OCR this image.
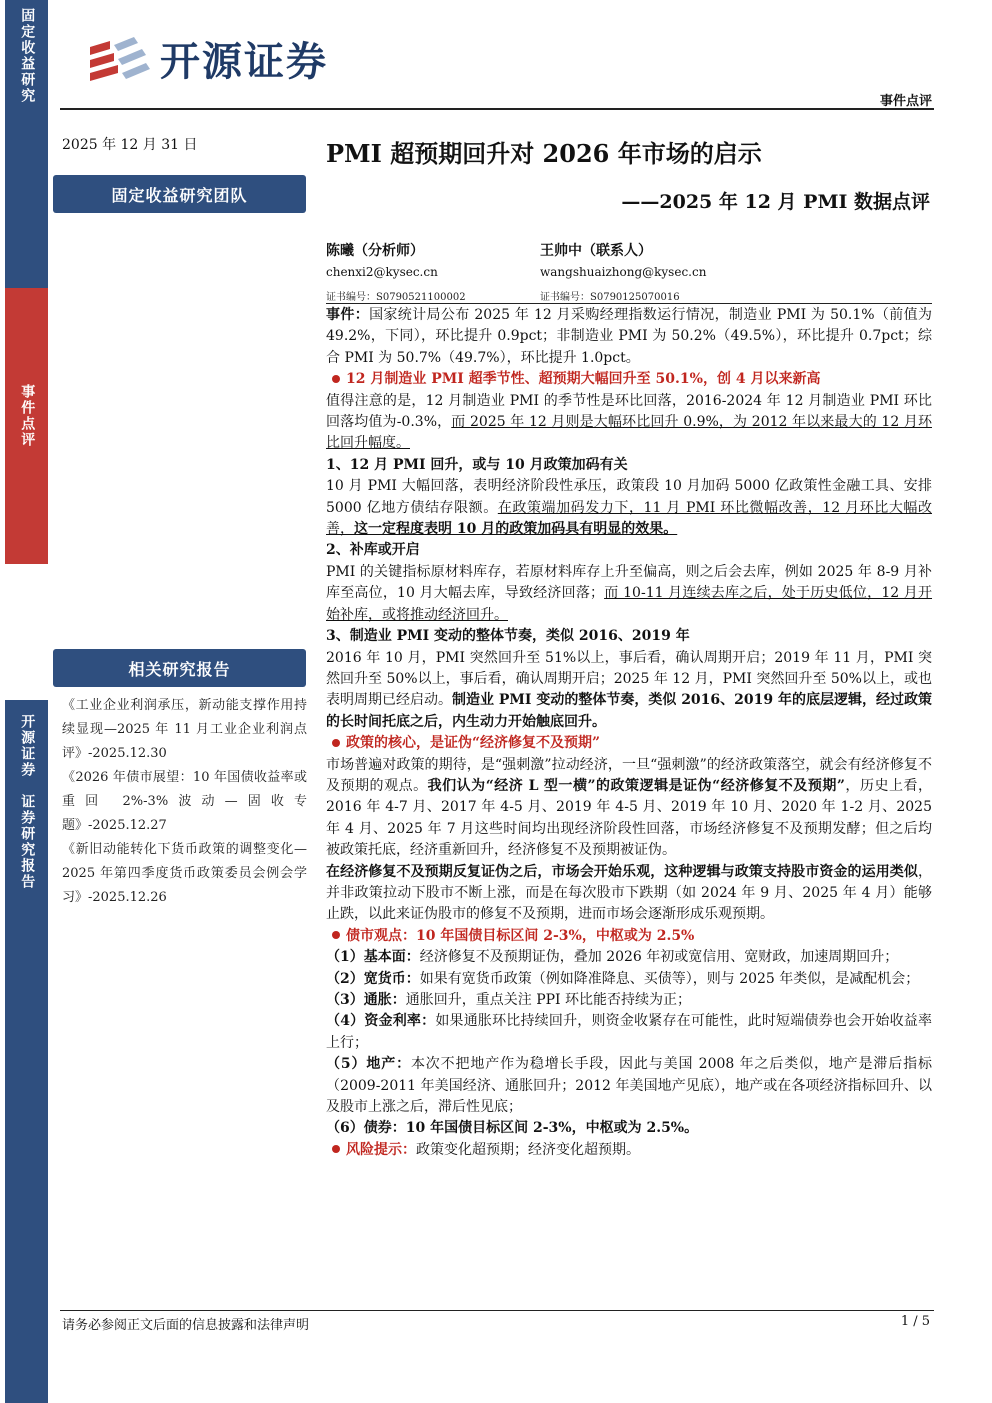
固定收益研究
事件点评
开源证券　证券研究报告
开源证券
事件点评
2025 年 12 月 31 日
固定收益研究团队
相关研究报告

《工业企业利润承压，新动能支撑作用持续显现—2025 年 11 月工业企业利润点评》-2025.12.30

《2026 年债市展望：10 年国债收益率或重回 2%-3%波动—固收专题》-2025.12.27

《新旧动能转化下货币政策的调整变化—2025 年第四季度货币政策委员会例会学习》-2025.12.26

PMI 超预期回升对 2026 年市场的启示
——2025 年 12 月 PMI 数据点评
陈曦（分析师）
chenxi2@kysec.cn
证书编号：S0790521100002
王帅中（联系人）
wangshuaizhong@kysec.cn
证书编号：S0790125070016

事件：国家统计局公布 2025 年 12 月采购经理指数运行情况，制造业 PMI 为 50.1%（前值为 49.2%，下同），环比提升 0.9pct；非制造业 PMI 为 50.2%（49.5%），环比提升 0.7pct；综合 PMI 为 50.7%（49.7%），环比提升 1.0pct。

12 月制造业 PMI 超季节性、超预期大幅回升至 50.1%，创 4 月以来新高

值得注意的是，12 月制造业 PMI 的季节性是环比回落，2016-2024 年 12 月制造业 PMI 环比回落均值为-0.3%，而 2025 年 12 月则是大幅环比回升 0.9%，为 2012 年以来最大的 12 月环比回升幅度。

1、12 月 PMI 回升，或与 10 月政策加码有关

10 月 PMI 大幅回落，表明经济阶段性承压，政策段 10 月加码 5000 亿政策性金融工具、安排 5000 亿地方债结存限额。在政策端加码发力下，11 月 PMI 环比微幅改善，12 月环比大幅改善，这一定程度表明 10 月的政策加码具有明显的效果。

2、补库或开启

PMI 的关键指标原材料库存，若原材料库存上升至偏高，则之后会去库，例如 2025 年 8-9 月补库至高位，10 月大幅去库，导致经济回落；而 10-11 月连续去库之后，处于历史低位，12 月开始补库，或将推动经济回升。

3、制造业 PMI 变动的整体节奏，类似 2016、2019 年

2016 年 10 月，PMI 突然回升至 51%以上，事后看，确认周期开启；2019 年 11 月，PMI 突然回升至 50%以上，事后看，确认周期开启；2025 年 12 月，PMI 突然回升至 50%以上，或也表明周期已经启动。制造业 PMI 变动的整体节奏，类似 2016、2019 年的底层逻辑，经过政策的长时间托底之后，内生动力开始触底回升。

政策的核心，是证伪“经济修复不及预期”

市场普遍对政策的期待，是“强刺激”拉动经济，一旦“强刺激”的经济政策落空，就会有经济修复不及预期的观点。我们认为“经济 L 型一横”的政策逻辑是证伪“经济修复不及预期”，历史上看，2016 年 4-7 月、2017 年 4-5 月、2019 年 4-5 月、2019 年 10 月、2020 年 1-2 月、2025 年 4 月、2025 年 7 月这些时间均出现经济阶段性回落，市场经济修复不及预期发酵；但之后均被政策托底，经济重新回升，经济修复不及预期被证伪。

在经济修复不及预期反复证伪之后，市场会开始乐观，这种逻辑与政策支持股市资金的运用类似，并非政策拉动下股市不断上涨，而是在每次股市下跌期（如 2024 年 9 月、2025 年 4 月）能够止跌，以此来证伪股市的修复不及预期，进而市场会逐渐形成乐观预期。

债市观点：10 年国债目标区间 2-3%，中枢或为 2.5%

（1）基本面：经济修复不及预期证伪，叠加 2026 年初或宽信用、宽财政，加速周期回升；

（2）宽货币：如果有宽货币政策（例如降准降息、买债等），则与 2025 年类似，是减配机会；

（3）通胀：通胀回升，重点关注 PPI 环比能否持续为正；

（4）资金利率：如果通胀环比持续回升，则资金收紧存在可能性，此时短端债券也会开始收益率上行；

（5）地产：本次不把地产作为稳增长手段，因此与美国 2008 年之后类似，地产是滞后指标（2009-2011 年美国经济、通胀回升；2012 年美国地产见底），地产或在各项经济指标回升、以及股市上涨之后，滞后性见底；

（6）债券：10 年国债目标区间 2-3%，中枢或为 2.5%。

风险提示：政策变化超预期；经济变化超预期。

请务必参阅正文后面的信息披露和法律声明	1 / 5
